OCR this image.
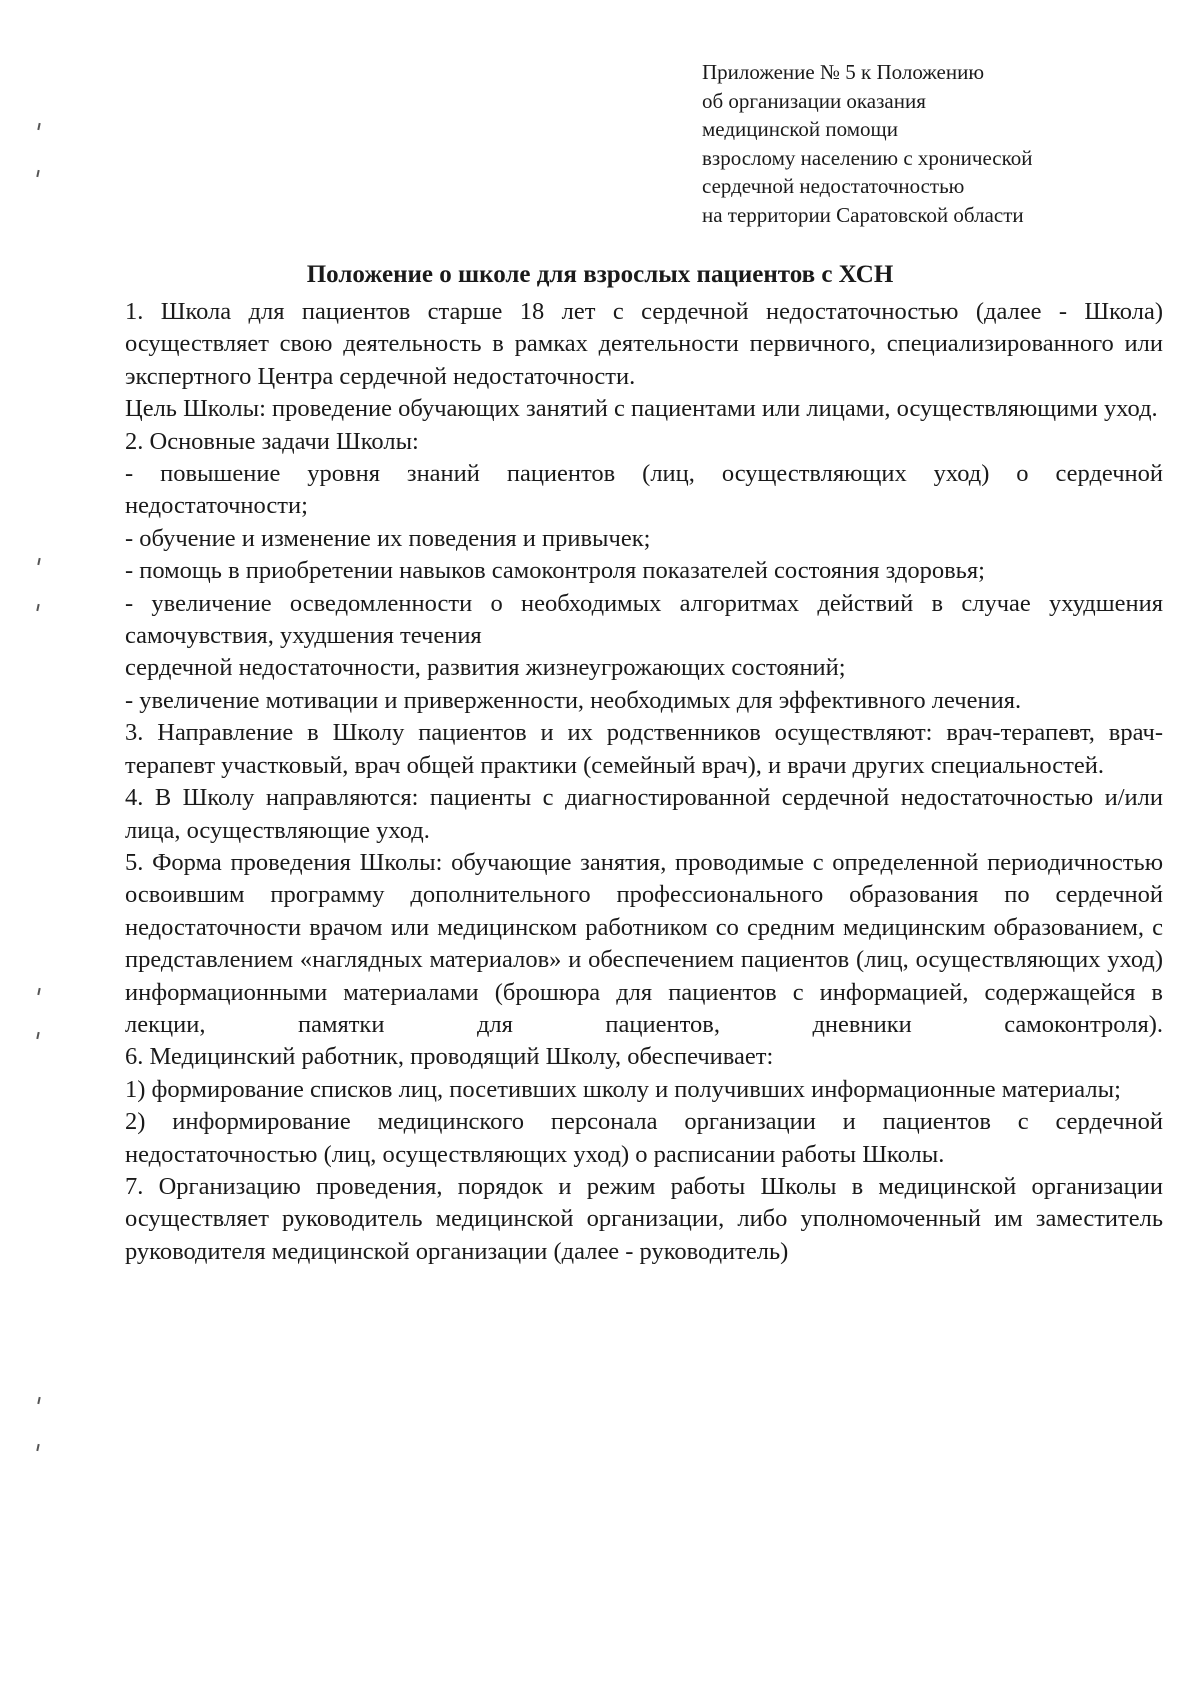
Приложение № 5 к Положению
об организации оказания
медицинской помощи
взрослому населению с хронической
сердечной недостаточностью
на территории Саратовской области
Положение о школе для взрослых пациентов с ХСН

1. Школа для пациентов старше 18 лет с сердечной недостаточностью (далее - Школа) осуществляет свою деятельность в рамках деятельности первичного, специализированного или экспертного Центра сердечной недостаточности.

Цель Школы: проведение обучающих занятий с пациентами или лицами, осуществляющими уход.

2. Основные задачи Школы:

- повышение уровня знаний пациентов (лиц, осуществляющих уход) о сердечной недостаточности;

- обучение и изменение их поведения и привычек;

- помощь в приобретении навыков самоконтроля показателей состояния здоровья;

- увеличение осведомленности о необходимых алгоритмах действий в случае ухудшения самочувствия, ухудшения течения

сердечной недостаточности, развития жизнеугрожающих состояний;

- увеличение мотивации и приверженности, необходимых для эффективного лечения.

3. Направление в Школу пациентов и их родственников осуществляют: врач-терапевт, врач-терапевт участковый, врач общей практики (семейный врач), и врачи других специальностей.

4. В Школу направляются: пациенты с диагностированной сердечной недостаточностью и/или лица, осуществляющие уход.

5. Форма проведения Школы: обучающие занятия, проводимые с определенной периодичностью освоившим программу дополнительного профессионального образования по сердечной недостаточности врачом или медицинском работником со средним медицинским образованием, с представлением «наглядных материалов» и обеспечением пациентов (лиц, осуществляющих уход) информационными материалами (брошюра для пациентов с информацией, содержащейся в лекции, памятки для пациентов, дневники самоконтроля).

6. Медицинский работник, проводящий Школу, обеспечивает:

1) формирование списков лиц, посетивших школу и получивших информационные материалы;

2) информирование медицинского персонала организации и пациентов с сердечной недостаточностью (лиц, осуществляющих уход) о расписании работы Школы.

7. Организацию проведения, порядок и режим работы Школы в медицинской организации осуществляет руководитель медицинской организации, либо уполномоченный им заместитель руководителя медицинской организации (далее - руководитель)
